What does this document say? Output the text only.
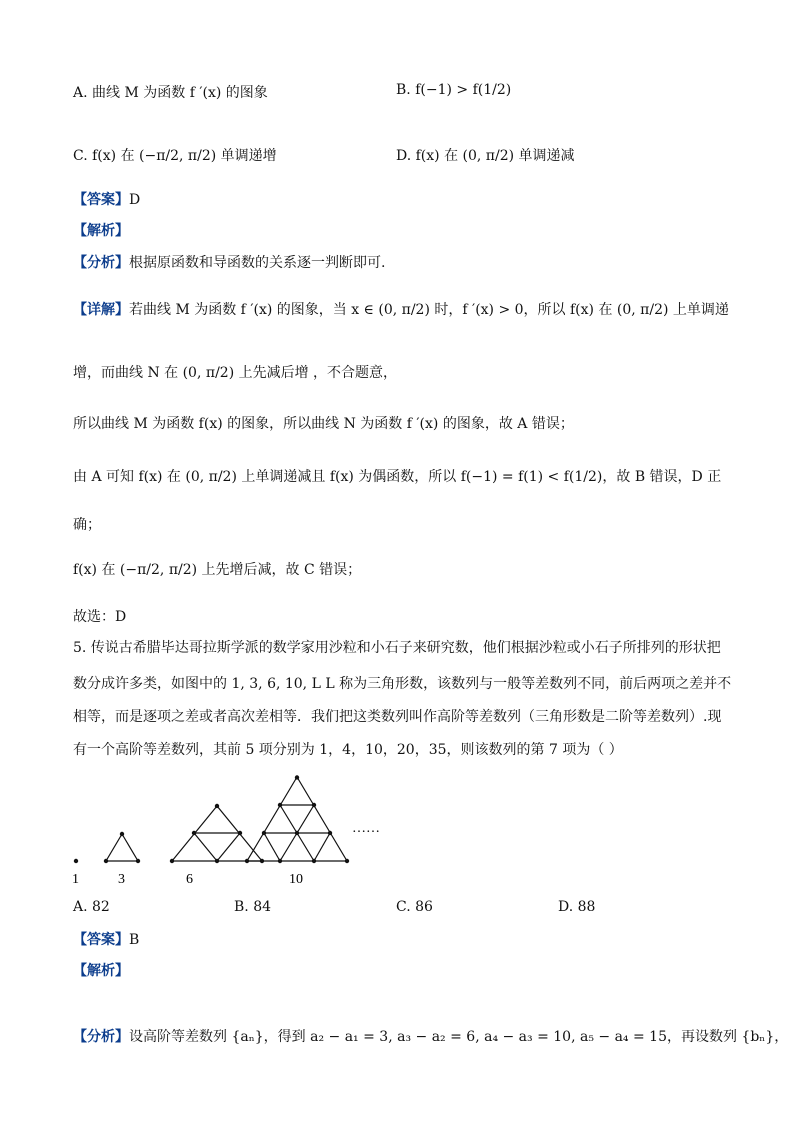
A. 曲线 M 为函数 f ′(x) 的图象	B. f(−1) > f(1/2)
C. f(x) 在 (−π/2, π/2) 单调递增	D. f(x) 在 (0, π/2) 单调递减
【答案】D
【解析】
【分析】根据原函数和导函数的关系逐一判断即可.
【详解】若曲线 M 为函数 f ′(x) 的图象，当 x ∈ (0, π/2) 时，f ′(x) > 0，所以 f(x) 在 (0, π/2) 上单调递
增，而曲线 N 在 (0, π/2) 上先减后增 ，不合题意，
所以曲线 M 为函数 f(x) 的图象，所以曲线 N 为函数 f ′(x) 的图象，故 A 错误；
由 A 可知 f(x) 在 (0, π/2) 上单调递减且 f(x) 为偶函数，所以 f(−1) = f(1) < f(1/2)，故 B 错误，D 正
确；
f(x) 在 (−π/2, π/2) 上先增后减，故 C 错误；
故选：D
5. 传说古希腊毕达哥拉斯学派的数学家用沙粒和小石子来研究数，他们根据沙粒或小石子所排列的形状把
数分成许多类，如图中的 1, 3, 6, 10, L L 称为三角形数，该数列与一般等差数列不同，前后两项之差并不
相等，而是逐项之差或者高次差相等．我们把这类数列叫作高阶等差数列（三角形数是二阶等差数列）.现
有一个高阶等差数列，其前 5 项分别为 1，4，10，20，35，则该数列的第 7 项为（ ）
1	3	6	10
……
A. 82	B. 84	C. 86	D. 88
【答案】B
【解析】
【分析】设高阶等差数列 {aₙ}，得到 a₂ − a₁ = 3, a₃ − a₂ = 6, a₄ − a₃ = 10, a₅ − a₄ = 15，再设数列 {bₙ}，
